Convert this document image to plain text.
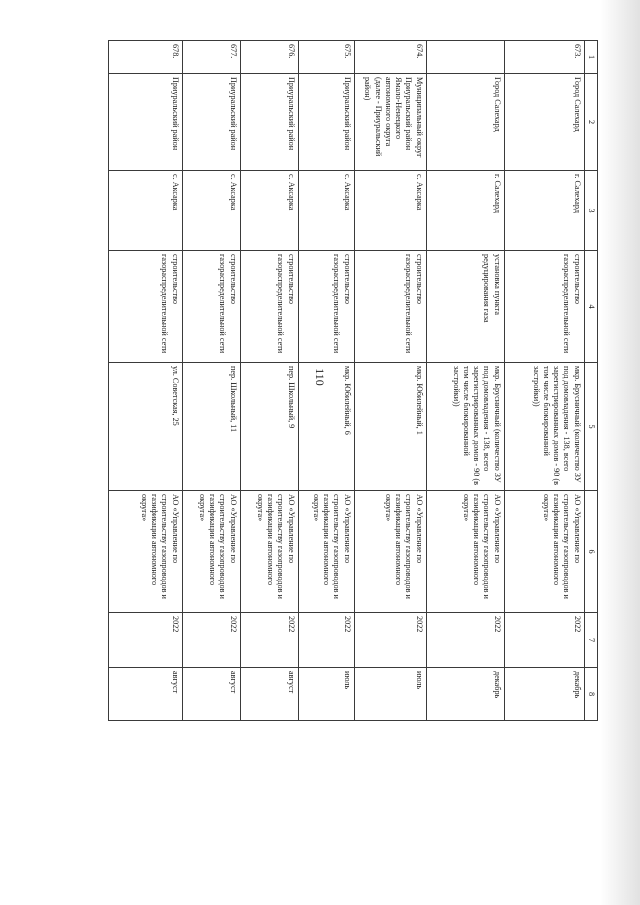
110
1	2	3	4	5	6	7	8
673.	Город Салехард	г. Салехард	строительство газораспределительной сети	мкр. Брусничный (количество ЗУ под домовладения - 138, всего зарегистрированных домов - 90 (в том числе блокированной застройки))	АО «Управление по строительству газопроводов и газификации автономного округа»	2022	декабрь
	Город Салехард	г. Салехард	установка пункта редуцирования газа	мкр. Брусничный (количество ЗУ под домовладения - 138, всего зарегистрированных домов - 90 (в том числе блокированной застройки))	АО «Управление по строительству газопроводов и газификации автономного округа»	2022	декабрь
674.	Муниципальный округ Приуральский район Ямало-Ненецкого автономного округа (далее - Приуральский район)	с. Аксарка	строительство газораспределительной сети	мкр. Юбилейный, 1	АО «Управление по строительству газопроводов и газификации автономного округа»	2022	июль
675.	Приуральский район	с. Аксарка	строительство газораспределительной сети	мкр. Юбилейный, 6	АО «Управление по строительству газопроводов и газификации автономного округа»	2022	июль
676.	Приуральский район	с. Аксарка	строительство газораспределительной сети	пер. Школьный, 9	АО «Управление по строительству газопроводов и газификации автономного округа»	2022	август
677.	Приуральский район	с. Аксарка	строительство газораспределительной сети	пер. Школьный, 11	АО «Управление по строительству газопроводов и газификации автономного округа»	2022	август
678.	Приуральский район	с. Аксарка	строительство газораспределительной сети	ул. Советская, 25	АО «Управление по строительству газопроводов и газификации автономного округа»	2022	август
